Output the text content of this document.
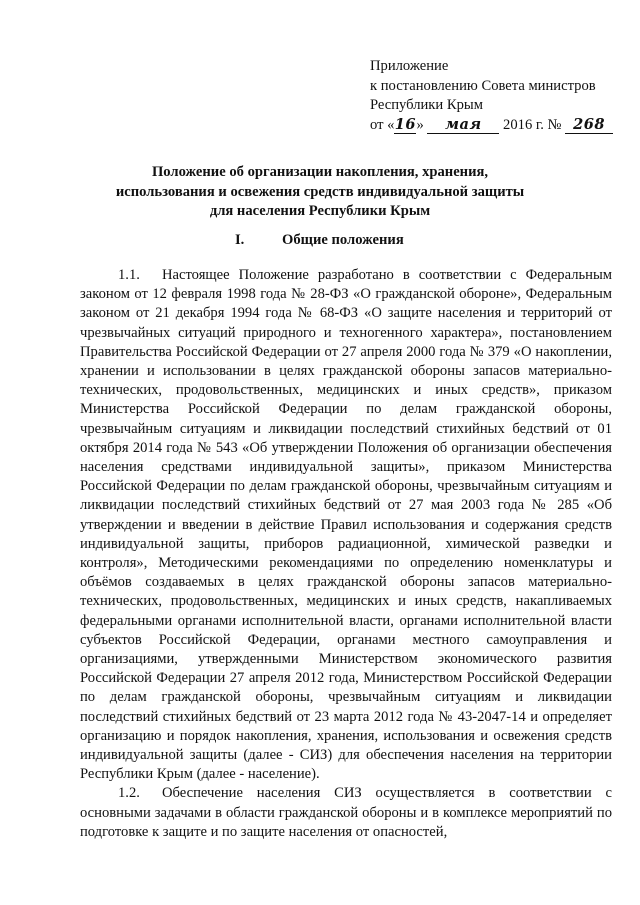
Приложение
к постановлению Совета министров
Республики Крым
от «16» мая 2016 г. № 268
Положение об организации накопления, хранения,
использования и освежения средств индивидуальной защиты
для населения Республики Крым
I.	Общие положения

1.1. Настоящее Положение разработано в соответствии с Федеральным законом от 12 февраля 1998 года № 28-ФЗ «О гражданской обороне», Федеральным законом от 21 декабря 1994 года № 68-ФЗ «О защите населения и территорий от чрезвычайных ситуаций природного и техногенного характера», постановлением Правительства Российской Федерации от 27 апреля 2000 года № 379 «О накоплении, хранении и использовании в целях гражданской обороны запасов материально-технических, продовольственных, медицинских и иных средств», приказом Министерства Российской Федерации по делам гражданской обороны, чрезвычайным ситуациям и ликвидации последствий стихийных бедствий от 01 октября 2014 года № 543 «Об утверждении Положения об организации обеспечения населения средствами индивидуальной защиты», приказом Министерства Российской Федерации по делам гражданской обороны, чрезвычайным ситуациям и ликвидации последствий стихийных бедствий от 27 мая 2003 года № 285 «Об утверждении и введении в действие Правил использования и содержания средств индивидуальной защиты, приборов радиационной, химической разведки и контроля», Методическими рекомендациями по определению номенклатуры и объёмов создаваемых в целях гражданской обороны запасов материально-технических, продовольственных, медицинских и иных средств, накапливаемых федеральными органами исполнительной власти, органами исполнительной власти субъектов Российской Федерации, органами местного самоуправления и организациями, утвержденными Министерством экономического развития Российской Федерации 27 апреля 2012 года, Министерством Российской Федерации по делам гражданской обороны, чрезвычайным ситуациям и ликвидации последствий стихийных бедствий от 23 марта 2012 года № 43-2047-14 и определяет организацию и порядок накопления, хранения, использования и освежения средств индивидуальной защиты (далее - СИЗ) для обеспечения населения на территории Республики Крым (далее - население).

1.2. Обеспечение населения СИЗ осуществляется в соответствии с основными задачами в области гражданской обороны и в комплексе мероприятий по подготовке к защите и по защите населения от опасностей,
